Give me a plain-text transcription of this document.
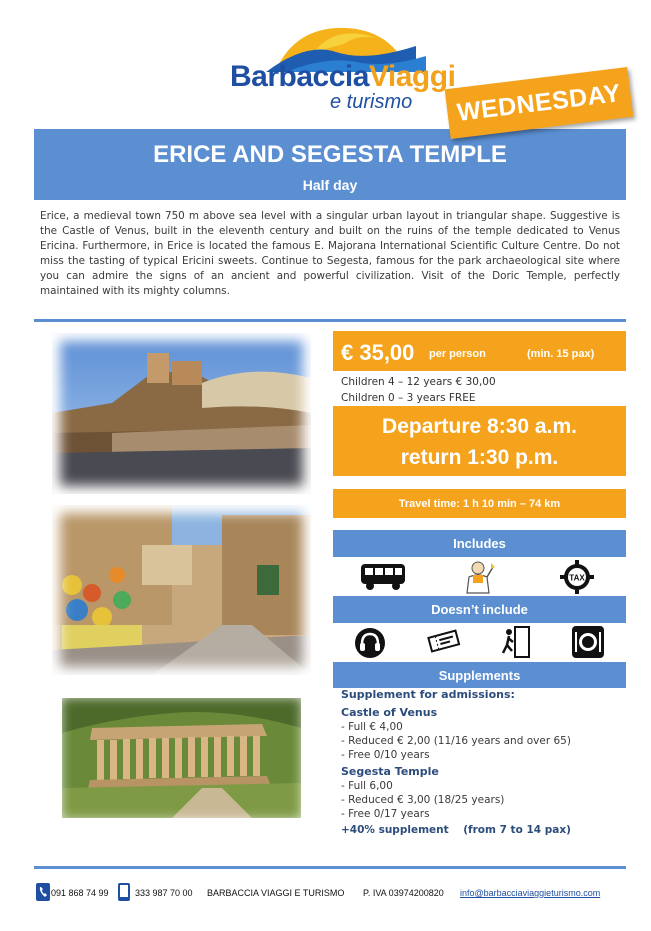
BarbacciaViaggi
e turismo	WEDNESDAY
ERICE AND SEGESTA TEMPLE
Half day
Erice, a medieval town 750 m above sea level with a singular urban layout in triangular shape. Suggestive is the Castle of Venus, built in the eleventh century and built on the ruins of the temple dedicated to Venus Ericina. Furthermore, in Erice is located the famous E. Majorana International Scientific Culture Centre. Do not miss the tasting of typical Ericini sweets. Continue to Segesta, famous for the park archaeological site where you can admire the signs of an ancient and powerful civilization. Visit of the Doric Temple, perfectly maintained with its mighty columns.
€ 35,00 per person	(min. 15 pax)
Children 4 – 12 years € 30,00
Children 0 – 3 years FREE
Departure 8:30 a.m.
return 1:30 p.m.
Travel time: 1 h 10 min – 74 km
Includes
TAX
Doesn’t include
Supplements
Supplement for admissions:
Castle of Venus
- Full € 4,00
- Reduced € 2,00 (11/16 years and over 65)
- Free 0/10 years
Segesta Temple
- Full 6,00
- Reduced € 3,00 (18/25 years)
- Free 0/17 years
+40% supplement    (from 7 to 14 pax)
091 868 74 99	333 987 70 00 BARBACCIA VIAGGI E TURISMO P. IVA 03974200820 info@barbacciaviaggieturismo.com
